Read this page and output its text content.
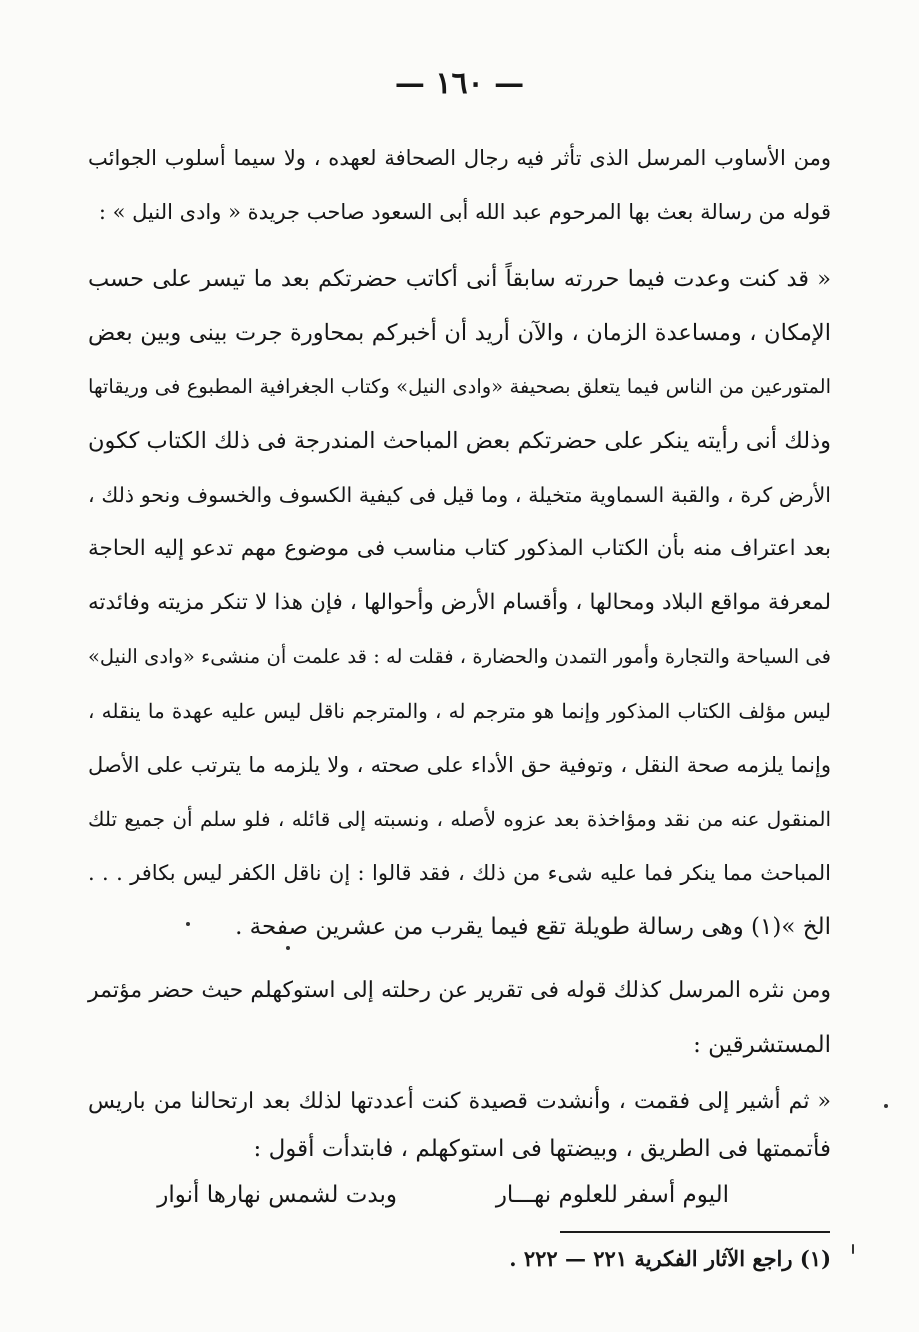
— ١٦٠ —
ومن الأساوب المرسل الذى تأثر فيه رجال الصحافة لعهده ، ولا سيما أسلوب الجوائب
قوله من رسالة بعث بها المرحوم عبد الله أبى السعود صاحب جريدة « وادى النيل » :
« قد كنت وعدت فيما حررته سابقاً أنى أكاتب حضرتكم بعد ما تيسر على حسب
الإمكان ، ومساعدة الزمان ، والآن أريد أن أخبركم بمحاورة جرت بينى وبين بعض
المتورعين من الناس فيما يتعلق بصحيفة «وادى النيل» وكتاب الجغرافية المطبوع فى وريقاتها
وذلك أنى رأيته ينكر على حضرتكم بعض المباحث المندرجة فى ذلك الكتاب ككون
الأرض كرة ، والقبة السماوية متخيلة ، وما قيل فى كيفية الكسوف والخسوف ونحو ذلك ،
بعد اعتراف منه بأن الكتاب المذكور كتاب مناسب فى موضوع مهم تدعو إليه الحاجة
لمعرفة مواقع البلاد ومحالها ، وأقسام الأرض وأحوالها ، فإن هذا لا تنكر مزيته وفائدته
فى السياحة والتجارة وأمور التمدن والحضارة ، فقلت له : قد علمت أن منشىء «وادى النيل»
ليس مؤلف الكتاب المذكور وإنما هو مترجم له ، والمترجم ناقل ليس عليه عهدة ما ينقله ،
وإنما يلزمه صحة النقل ، وتوفية حق الأداء على صحته ، ولا يلزمه ما يترتب على الأصل
المنقول عنه من نقد ومؤاخذة بعد عزوه لأصله ، ونسبته إلى قائله ، فلو سلم أن جميع تلك
المباحث مما ينكر فما عليه شىء من ذلك ، فقد قالوا : إن ناقل الكفر ليس بكافر . . .
الخ »(١) وهى رسالة طويلة تقع فيما يقرب من عشرين صفحة .
ومن نثره المرسل كذلك قوله فى تقرير عن رحلته إلى استوكهلم حيث حضر مؤتمر
المستشرقين :
« ثم أشير إلى فقمت ، وأنشدت قصيدة كنت أعددتها لذلك بعد ارتحالنا من باريس
فأتممتها فى الطريق ، وبيضتها فى استوكهلم ، فابتدأت أقول :
اليوم أسفر للعلوم نهـــار
وبدت لشمس نهارها أنوار
(١) راجع الآثار الفكرية ٢٢١ — ٢٢٢ .
